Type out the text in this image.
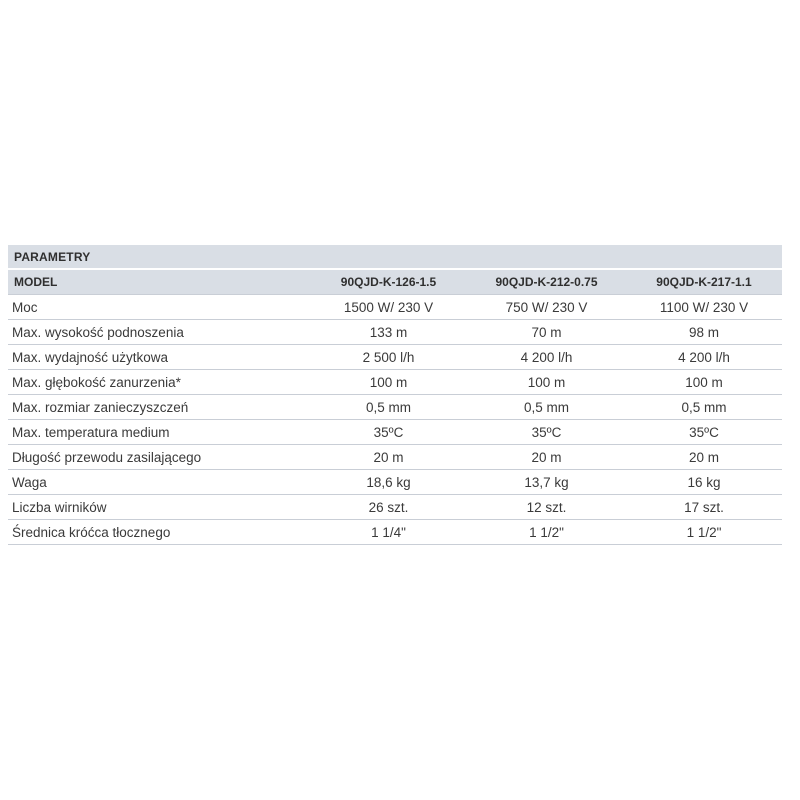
PARAMETRY
MODEL	90QJD-K-126-1.5	90QJD-K-212-0.75	90QJD-K-217-1.1
Moc	1500 W/ 230 V	750 W/ 230 V	1100 W/ 230 V
Max. wysokość podnoszenia	133 m	70 m	98 m
Max. wydajność użytkowa	2 500 l/h	4 200 l/h	4 200 l/h
Max. głębokość zanurzenia*	100 m	100 m	100 m
Max. rozmiar zanieczyszczeń	0,5 mm	0,5 mm	0,5 mm
Max. temperatura medium	35ºC	35ºC	35ºC
Długość przewodu zasilającego	20 m	20 m	20 m
Waga	18,6 kg	13,7 kg	16 kg
Liczba wirników	26 szt.	12 szt.	17 szt.
Średnica króćca tłocznego	1 1/4"	1 1/2"	1 1/2"
